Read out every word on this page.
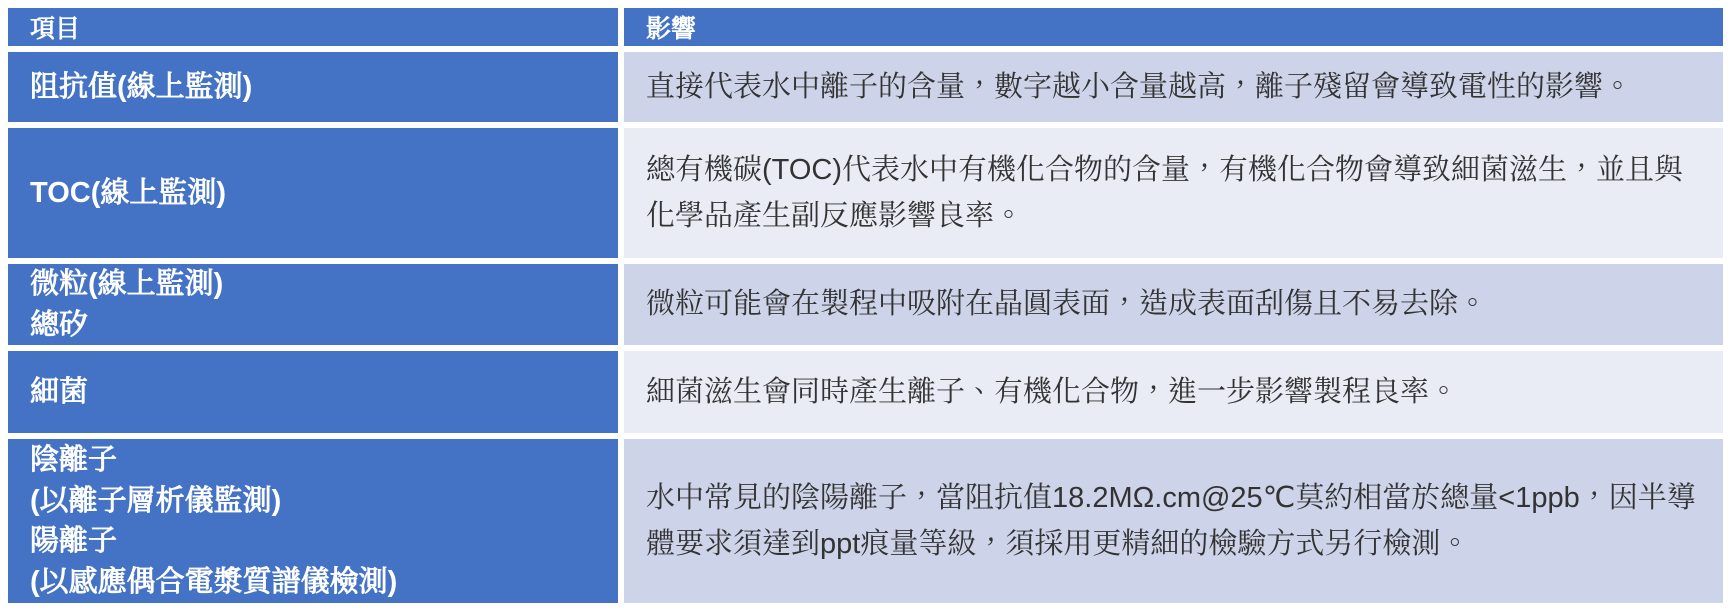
項目	影響

阻抗值(線上監測)	直接代表水中離子的含量，數字越小含量越高，離子殘留會導致電性的影響。

TOC(線上監測)	總有機碳(TOC)代表水中有機化合物的含量，有機化合物會導致細菌滋生，並且與化學品產生副反應影響良率。

微粒(線上監測)
總矽	微粒可能會在製程中吸附在晶圓表面，造成表面刮傷且不易去除。

細菌	細菌滋生會同時產生離子、有機化合物，進一步影響製程良率。

陰離子
(以離子層析儀監測)
陽離子
(以感應偶合電漿質譜儀檢測)	水中常見的陰陽離子，當阻抗值18.2MΩ.cm@25℃莫約相當於總量<1ppb，因半導體要求須達到ppt痕量等級，須採用更精細的檢驗方式另行檢測。
